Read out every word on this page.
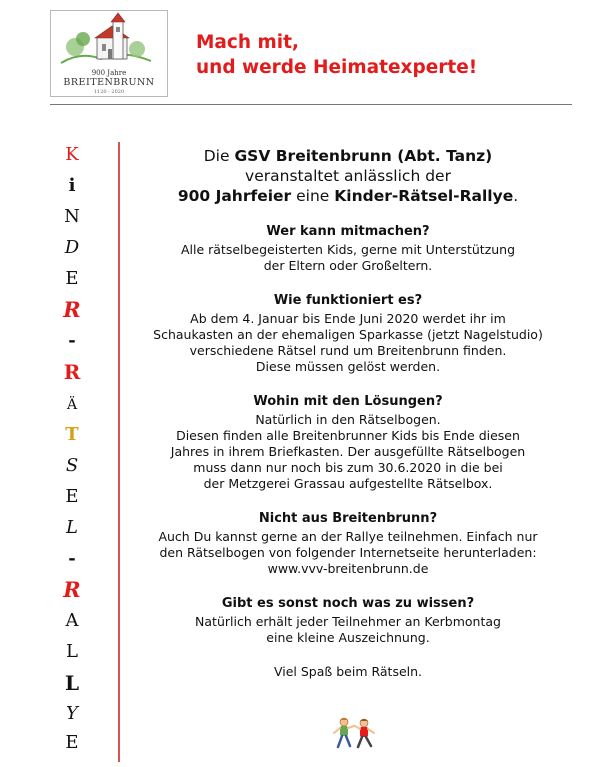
900 Jahre
BREITENBRUNN
1120 - 2020
Mach mit,
und werde Heimatexperte!
K
i
N
D
E
R
-
R
Ä
T
S
E
L
-
R
A
L
L
Y
E
Die GSV Breitenbrunn (Abt. Tanz)
veranstaltet anlässlich der
900 Jahrfeier eine Kinder-Rätsel-Rallye.
Wer kann mitmachen?

Alle rätselbegeisterten Kids, gerne mit Unterstützung

der Eltern oder Großeltern.

Wie funktioniert es?

Ab dem 4. Januar bis Ende Juni 2020 werdet ihr im

Schaukasten an der ehemaligen Sparkasse (jetzt Nagelstudio)

verschiedene Rätsel rund um Breitenbrunn finden.

Diese müssen gelöst werden.

Wohin mit den Lösungen?

Natürlich in den Rätselbogen.

Diesen finden alle Breitenbrunner Kids bis Ende diesen

Jahres in ihrem Briefkasten. Der ausgefüllte Rätselbogen

muss dann nur noch bis zum 30.6.2020 in die bei

der Metzgerei Grassau aufgestellte Rätselbox.

Nicht aus Breitenbrunn?

Auch Du kannst gerne an der Rallye teilnehmen. Einfach nur

den Rätselbogen von folgender Internetseite herunterladen:

www.vvv-breitenbrunn.de

Gibt es sonst noch was zu wissen?

Natürlich erhält jeder Teilnehmer an Kerbmontag

eine kleine Auszeichnung.

Viel Spaß beim Rätseln.
